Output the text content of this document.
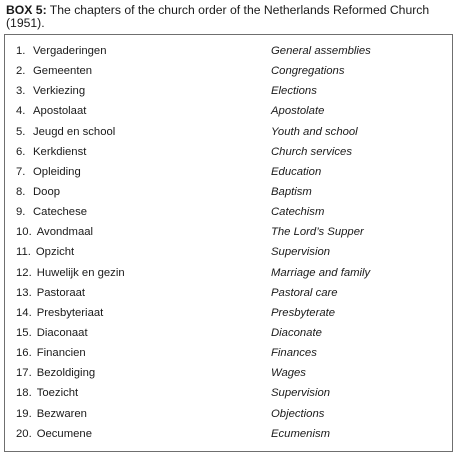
BOX 5: The chapters of the church order of the Netherlands Reformed Church (1951).
1. Vergaderingen	General assemblies
2. Gemeenten	Congregations
3. Verkiezing	Elections
4. Apostolaat	Apostolate
5. Jeugd en school	Youth and school
6. Kerkdienst	Church services
7. Opleiding	Education
8. Doop	Baptism
9. Catechese	Catechism
10. Avondmaal	The Lord’s Supper
11. Opzicht	Supervision
12. Huwelijk en gezin	Marriage and family
13. Pastoraat	Pastoral care
14. Presbyteriaat	Presbyterate
15. Diaconaat	Diaconate
16. Financien	Finances
17. Bezoldiging	Wages
18. Toezicht	Supervision
19. Bezwaren	Objections
20. Oecumene	Ecumenism
